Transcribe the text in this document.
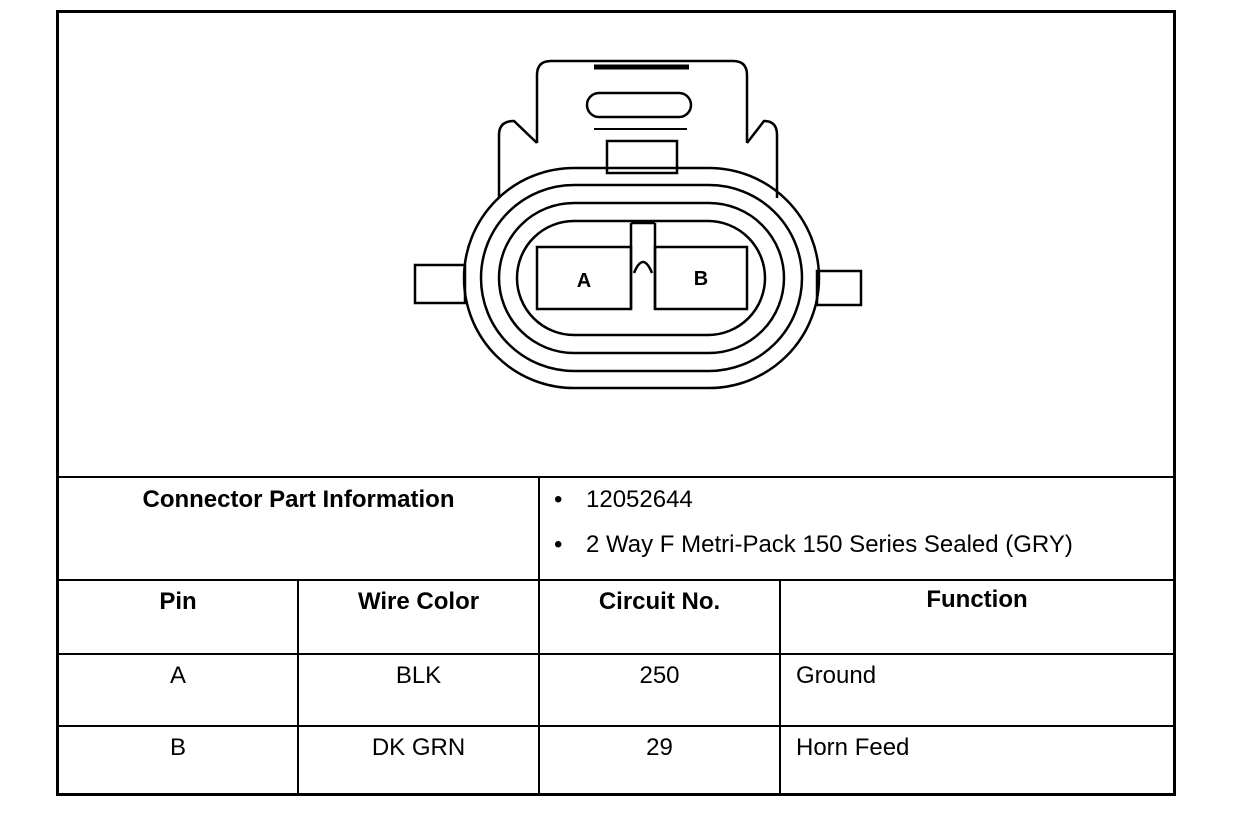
A	B
Connector Part Information	• 12052644
• 2 Way F Metri-Pack 150 Series Sealed (GRY)
Pin	Wire Color	Circuit No.	Function
A	BLK	250	Ground
B	DK GRN	29	Horn Feed
